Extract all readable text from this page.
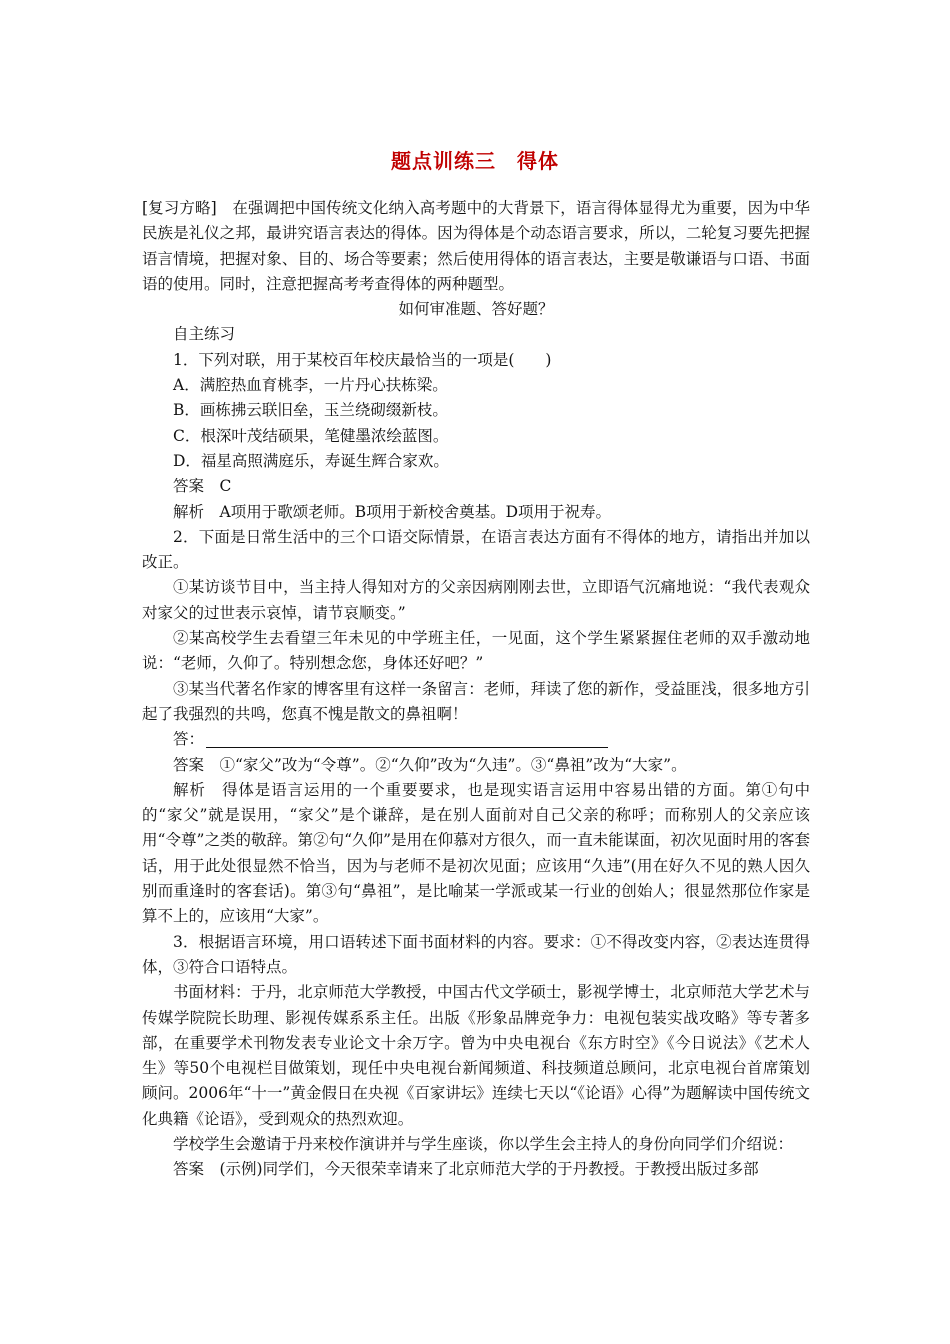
题点训练三　得体

[复习方略]　在强调把中国传统文化纳入高考题中的大背景下，语言得体显得尤为重要，因为中华民族是礼仪之邦，最讲究语言表达的得体。因为得体是个动态语言要求，所以，二轮复习要先把握语言情境，把握对象、目的、场合等要素；然后使用得体的语言表达，主要是敬谦语与口语、书面语的使用。同时，注意把握高考考查得体的两种题型。

如何审准题、答好题？

自主练习

1．下列对联，用于某校百年校庆最恰当的一项是(　　)

A．满腔热血育桃李，一片丹心扶栋梁。

B．画栋拂云联旧垒，玉兰绕砌缀新枝。

C．根深叶茂结硕果，笔健墨浓绘蓝图。

D．福星高照满庭乐，寿诞生辉合家欢。

答案　C

解析　A项用于歌颂老师。B项用于新校舍奠基。D项用于祝寿。

2．下面是日常生活中的三个口语交际情景，在语言表达方面有不得体的地方，请指出并加以改正。

①某访谈节目中，当主持人得知对方的父亲因病刚刚去世，立即语气沉痛地说：“我代表观众对家父的过世表示哀悼，请节哀顺变。”

②某高校学生去看望三年未见的中学班主任，一见面，这个学生紧紧握住老师的双手激动地说：“老师，久仰了。特别想念您，身体还好吧？”

③某当代著名作家的博客里有这样一条留言：老师，拜读了您的新作，受益匪浅，很多地方引起了我强烈的共鸣，您真不愧是散文的鼻祖啊！

答：

答案　①“家父”改为“令尊”。②“久仰”改为“久违”。③“鼻祖”改为“大家”。

解析　得体是语言运用的一个重要要求，也是现实语言运用中容易出错的方面。第①句中的“家父”就是误用，“家父”是个谦辞，是在别人面前对自己父亲的称呼；而称别人的父亲应该用“令尊”之类的敬辞。第②句“久仰”是用在仰慕对方很久，而一直未能谋面，初次见面时用的客套话，用于此处很显然不恰当，因为与老师不是初次见面；应该用“久违”(用在好久不见的熟人因久别而重逢时的客套话)。第③句“鼻祖”，是比喻某一学派或某一行业的创始人；很显然那位作家是算不上的，应该用“大家”。

3．根据语言环境，用口语转述下面书面材料的内容。要求：①不得改变内容，②表达连贯得体，③符合口语特点。

书面材料：于丹，北京师范大学教授，中国古代文学硕士，影视学博士，北京师范大学艺术与传媒学院院长助理、影视传媒系系主任。出版《形象品牌竞争力：电视包装实战攻略》等专著多部，在重要学术刊物发表专业论文十余万字。曾为中央电视台《东方时空》《今日说法》《艺术人生》等50个电视栏目做策划，现任中央电视台新闻频道、科技频道总顾问，北京电视台首席策划顾问。2006年“十一”黄金假日在央视《百家讲坛》连续七天以“《论语》心得”为题解读中国传统文化典籍《论语》，受到观众的热烈欢迎。

学校学生会邀请于丹来校作演讲并与学生座谈，你以学生会主持人的身份向同学们介绍说：

答案　(示例)同学们，今天很荣幸请来了北京师范大学的于丹教授。于教授出版过多部
